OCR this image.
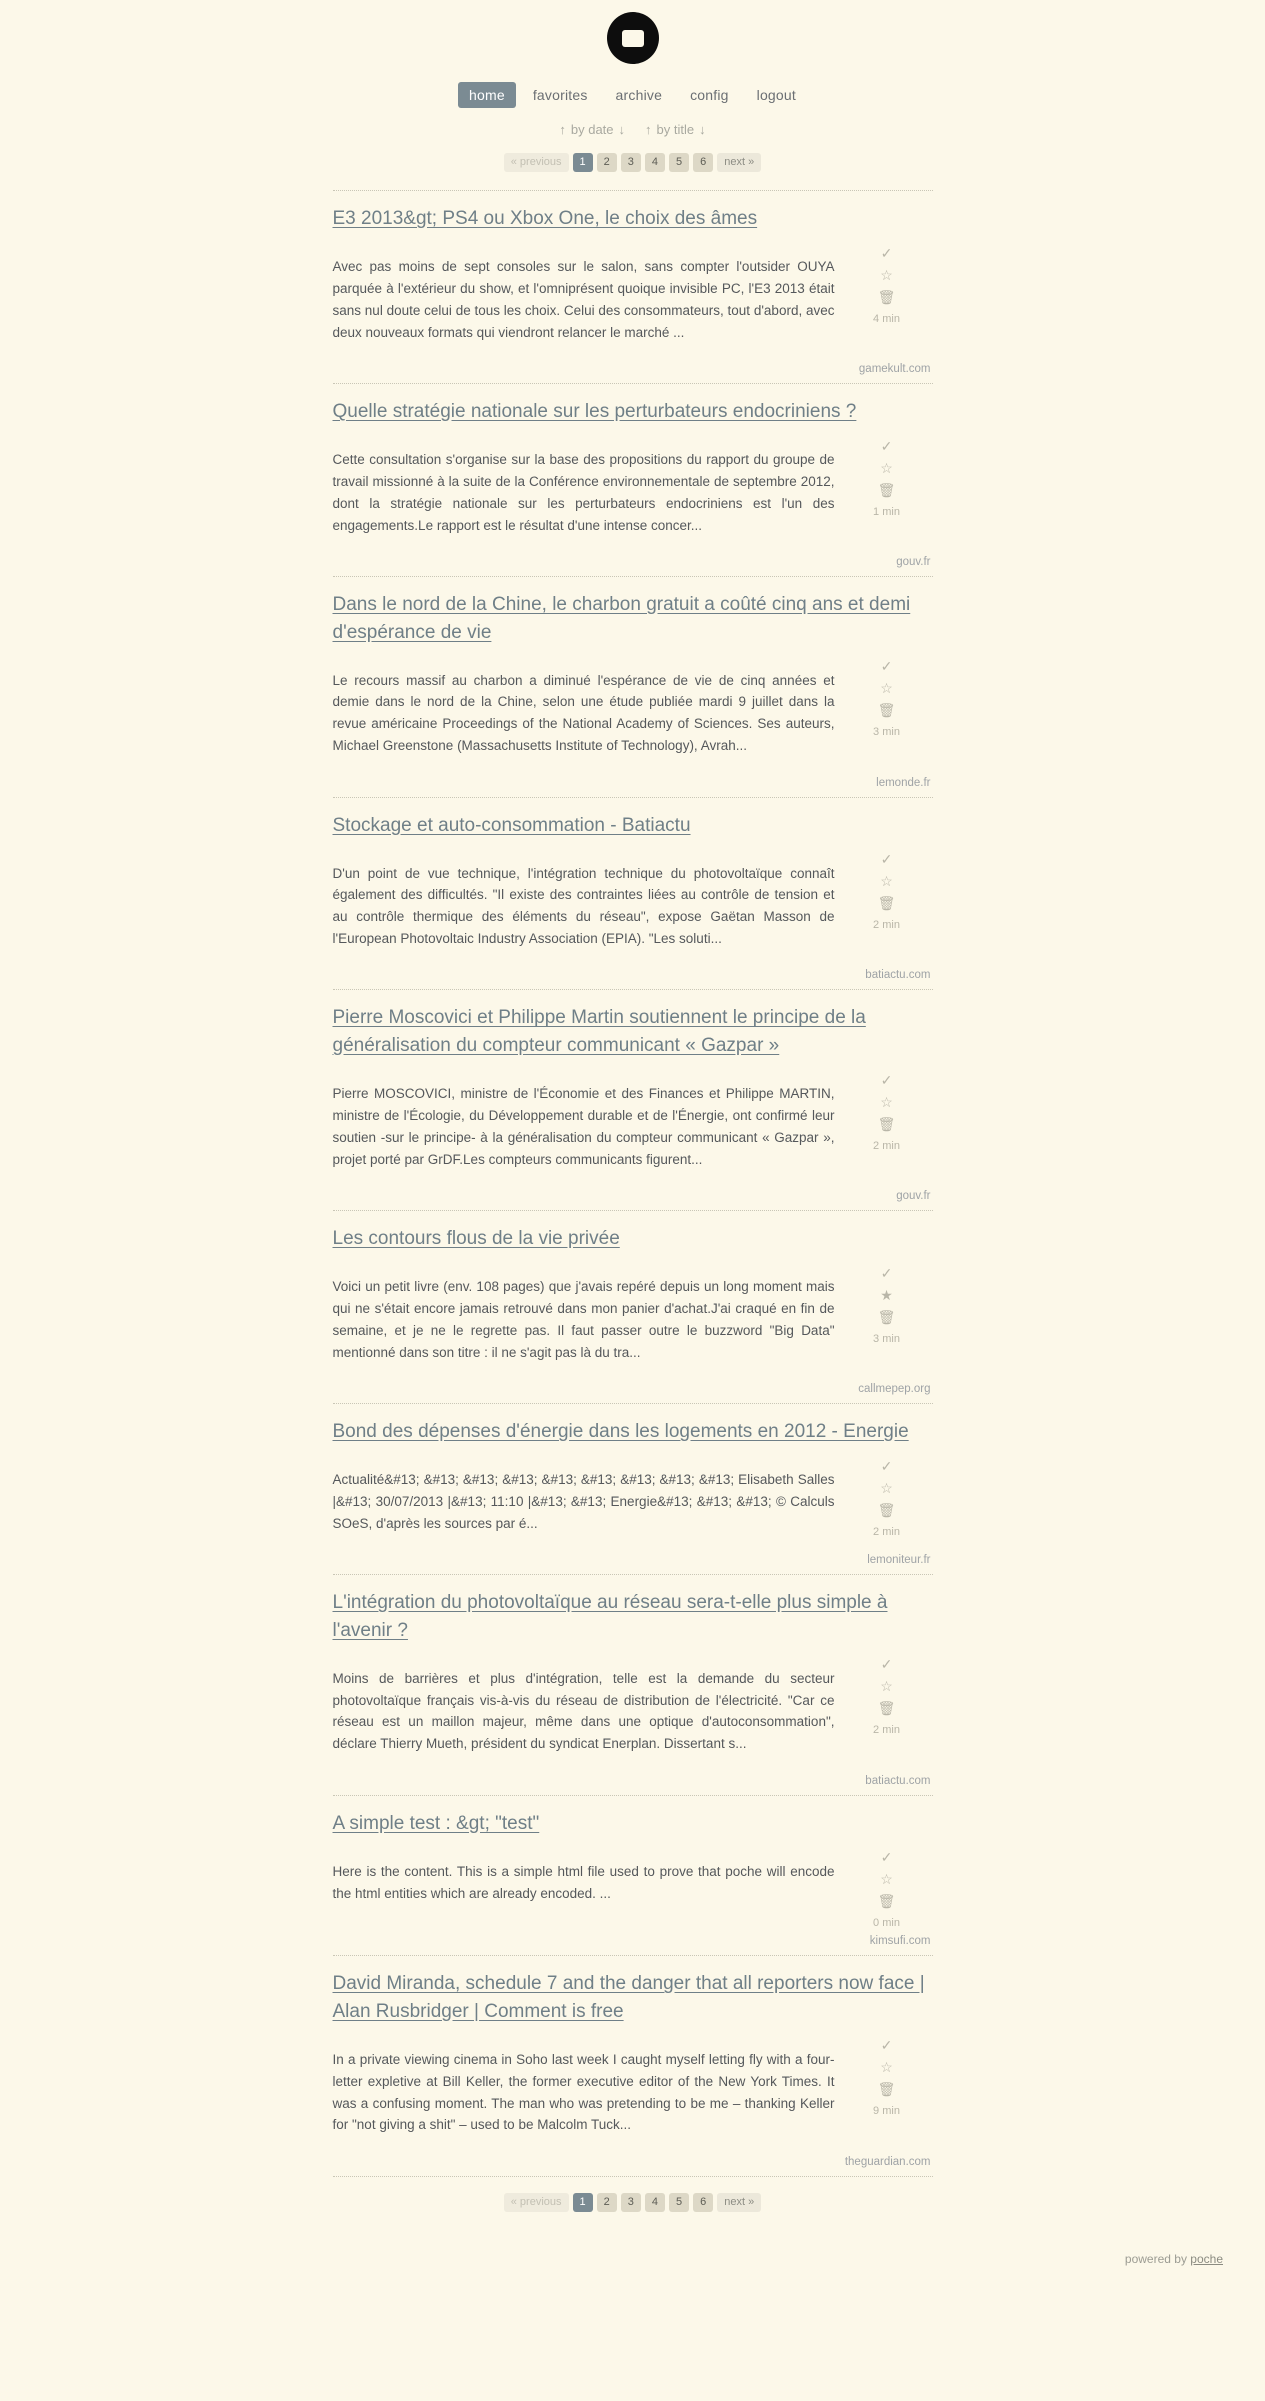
home	favorites	archive	config	logout
↑ by date ↓ ↑ by title ↓
« previous	1	2	3	4	5	6	next »
E3 2013&gt; PS4 ou Xbox One, le choix des âmes

Avec pas moins de sept consoles sur le salon, sans compter l'outsider OUYA parquée à l'extérieur du show, et l'omniprésent quoique invisible PC, l'E3 2013 était sans nul doute celui de tous les choix. Celui des consommateurs, tout d'abord, avec deux nouveaux formats qui viendront relancer le marché ...

✓
☆
🗑
4 min
gamekult.com
Quelle stratégie nationale sur les perturbateurs endocriniens ?

Cette consultation s'organise sur la base des propositions du rapport du groupe de travail missionné à la suite de la Conférence environnementale de septembre 2012, dont la stratégie nationale sur les perturbateurs endocriniens est l'un des engagements.Le rapport est le résultat d'une intense concer...

✓
☆
🗑
1 min
gouv.fr
Dans le nord de la Chine, le charbon gratuit a coûté cinq ans et demi d'espérance de vie

Le recours massif au charbon a diminué l'espérance de vie de cinq années et demie dans le nord de la Chine, selon une étude publiée mardi 9 juillet dans la revue américaine Proceedings of the National Academy of Sciences. Ses auteurs, Michael Greenstone (Massachusetts Institute of Technology), Avrah...

✓
☆
🗑
3 min
lemonde.fr
Stockage et auto-consommation - Batiactu

D'un point de vue technique, l'intégration technique du photovoltaïque connaît également des difficultés. "Il existe des contraintes liées au contrôle de tension et au contrôle thermique des éléments du réseau", expose Gaëtan Masson de l'European Photovoltaic Industry Association (EPIA). "Les soluti...

✓
☆
🗑
2 min
batiactu.com
Pierre Moscovici et Philippe Martin soutiennent le principe de la généralisation du compteur communicant « Gazpar »

Pierre MOSCOVICI, ministre de l'Économie et des Finances et Philippe MARTIN, ministre de l'Écologie, du Développement durable et de l'Énergie, ont confirmé leur soutien -sur le principe- à la généralisation du compteur communicant « Gazpar », projet porté par GrDF.Les compteurs communicants figurent...

✓
☆
🗑
2 min
gouv.fr
Les contours flous de la vie privée

Voici un petit livre (env. 108 pages) que j'avais repéré depuis un long moment mais qui ne s'était encore jamais retrouvé dans mon panier d'achat.J'ai craqué en fin de semaine, et je ne le regrette pas. Il faut passer outre le buzzword "Big Data" mentionné dans son titre : il ne s'agit pas là du tra...

✓
★
🗑
3 min
callmepep.org
Bond des dépenses d'énergie dans les logements en 2012 - Energie

Actualité&#13; &#13; &#13; &#13; &#13; &#13; &#13; &#13; &#13; Elisabeth Salles |&#13; 30/07/2013 |&#13; 11:10 |&#13; &#13; Energie&#13; &#13; &#13; © Calculs SOeS, d'après les sources par é...

✓
☆
🗑
2 min
lemoniteur.fr
L'intégration du photovoltaïque au réseau sera-t-elle plus simple à l'avenir ?

Moins de barrières et plus d'intégration, telle est la demande du secteur photovoltaïque français vis-à-vis du réseau de distribution de l'électricité. "Car ce réseau est un maillon majeur, même dans une optique d'autoconsommation", déclare Thierry Mueth, président du syndicat Enerplan. Dissertant s...

✓
☆
🗑
2 min
batiactu.com
A simple test : &gt; "test"

Here is the content. This is a simple html file used to prove that poche will encode the html entities which are already encoded. ...

✓
☆
🗑
0 min
kimsufi.com
David Miranda, schedule 7 and the danger that all reporters now face | Alan Rusbridger | Comment is free

In a private viewing cinema in Soho last week I caught myself letting fly with a four-letter expletive at Bill Keller, the former executive editor of the New York Times. It was a confusing moment. The man who was pretending to be me – thanking Keller for "not giving a shit" – used to be Malcolm Tuck...

✓
☆
🗑
9 min
theguardian.com
« previous	1	2	3	4	5	6	next »
powered by poche
